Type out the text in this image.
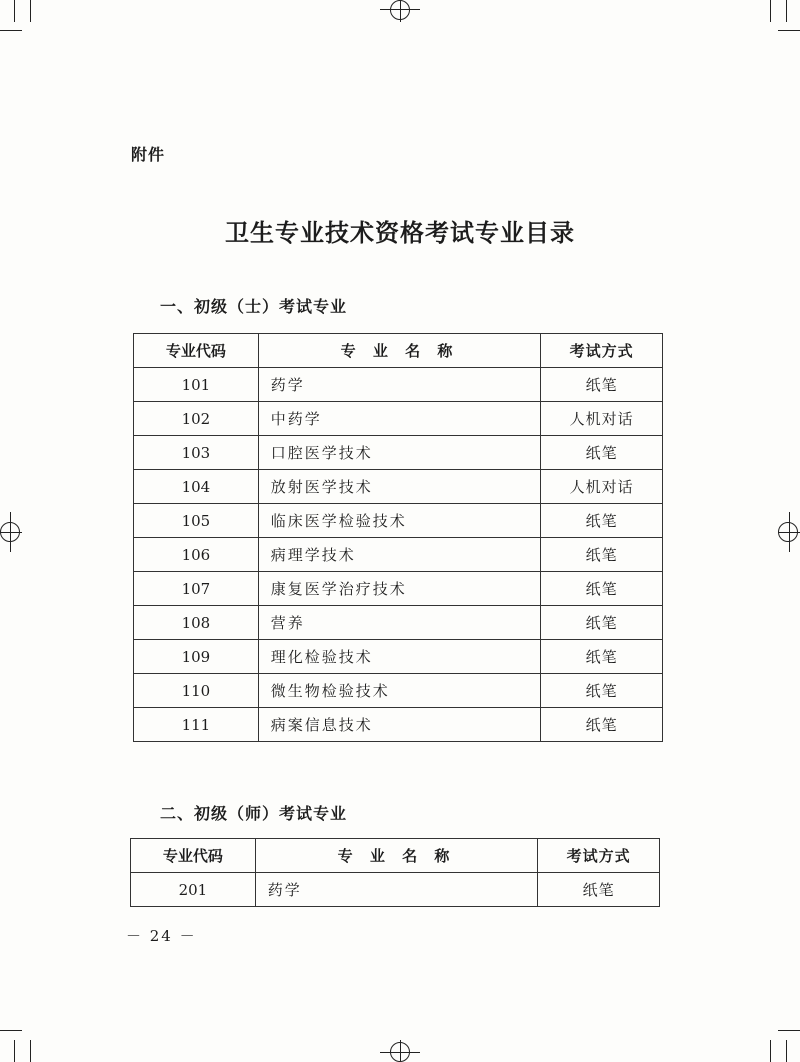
附件
卫生专业技术资格考试专业目录
一、初级（士）考试专业
专业代码	专 业 名 称	考试方式
101	药学	纸笔
102	中药学	人机对话
103	口腔医学技术	纸笔
104	放射医学技术	人机对话
105	临床医学检验技术	纸笔
106	病理学技术	纸笔
107	康复医学治疗技术	纸笔
108	营养	纸笔
109	理化检验技术	纸笔
110	微生物检验技术	纸笔
111	病案信息技术	纸笔
二、初级（师）考试专业
专业代码	专 业 名 称	考试方式
201	药学	纸笔
－ 24 －
